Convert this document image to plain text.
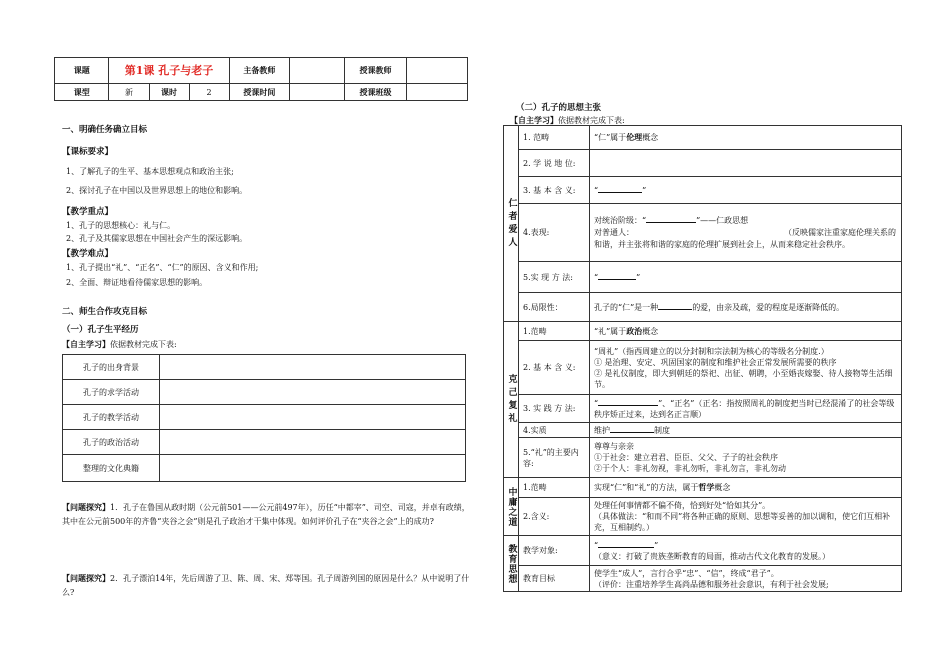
课题	第1课 孔子与老子			主备教师		授课教师	
课型	新	课时	2	授课时间		授课班级	
一、明确任务确立目标
【课标要求】
1、了解孔子的生平、基本思想观点和政治主张;
2、探讨孔子在中国以及世界思想上的地位和影响。
【教学重点】
1、孔子的思想核心：礼与仁。
2、孔子及其儒家思想在中国社会产生的深远影响。
【教学难点】
1、孔子提出“礼”、“正名”、“仁”的原因、含义和作用;
2、全面、辩证地看待儒家思想的影响。
二、师生合作攻克目标
（一）孔子生平经历
【自主学习】依据教材完成下表:
孔子的出身背景	
孔子的求学活动	
孔子的教学活动	
孔子的政治活动	
整理的文化典籍	
【问题探究】1．孔子在鲁国从政时期（公元前501——公元前497年），历任“中都宰”、司空、司寇，并卓有政绩，其中在公元前500年的齐鲁“夹谷之会”则是孔子政治才干集中体现。如何评价孔子在“夹谷之会”上的成功?
【问题探究】2．孔子漂泊14年，先后周游了卫、陈、周、宋、郑等国。孔子周游列国的原因是什么？从中说明了什么?
（二）孔子的思想主张
【自主学习】依据教材完成下表:
仁者爱人	1. 范畴	“仁”属于伦理概念
	2. 学 说 地 位:	
	3. 基 本 含 义:	“ ”
	4.表现:	对统治阶级：“ ”——仁政思想
对普通人： （反映儒家注重家庭伦理关系的和谐，并主张将和谐的家庭的伦理扩展到社会上，从而来稳定社会秩序。

	5.实 现 方 法:	“ ”
	6.局限性：	孔子的“仁”是一种 的爱，由亲及疏，爱的程度是逐渐降低的。

克己复礼	1.范畴	“礼”属于政治概念
	2. 基 本 含 义:	“周礼”（指西周建立的以分封制和宗法制为核心的等级名分制度.）
① 是治理、安定、巩固国家的制度和维护社会正常发展所需要的秩序
② 是礼仪制度，即大到朝廷的祭祀、出征、朝聘，小至婚丧嫁娶、待人接物等生活细节。

	3. 实 践 方 法:	“ ”、“正名”（正名：指按照周礼的制度把当时已经混淆了的社会等级秩序矫正过来，达到名正言顺）
	4.实质	维护 制度
	5.“礼”的主要内容:	尊尊与亲亲
①于社会：建立君君、臣臣、父父、子子的社会秩序
②于个人：非礼勿视，非礼勿听，非礼勿言，非礼勿动

中庸之道	1.范畴	实现“仁”和“礼”的方法，属于哲学概念
	2.含义:	处理任何事情都不偏不倚，恰到好处“恰如其分”。
（具体做法：“和而不同”将各种正确的原则、思想等妥善的加以调和，使它们互相补充，互相制约。）

教育思想	教学对象:	“ ”
（意义：打破了贵族垄断教育的局面，推动古代文化教育的发展。）

	教育目标	使学生“成人”，言行合乎“忠”、“信”，终成“君子”。
（评价：注重培养学生高尚品德和服务社会意识，有利于社会发展;
